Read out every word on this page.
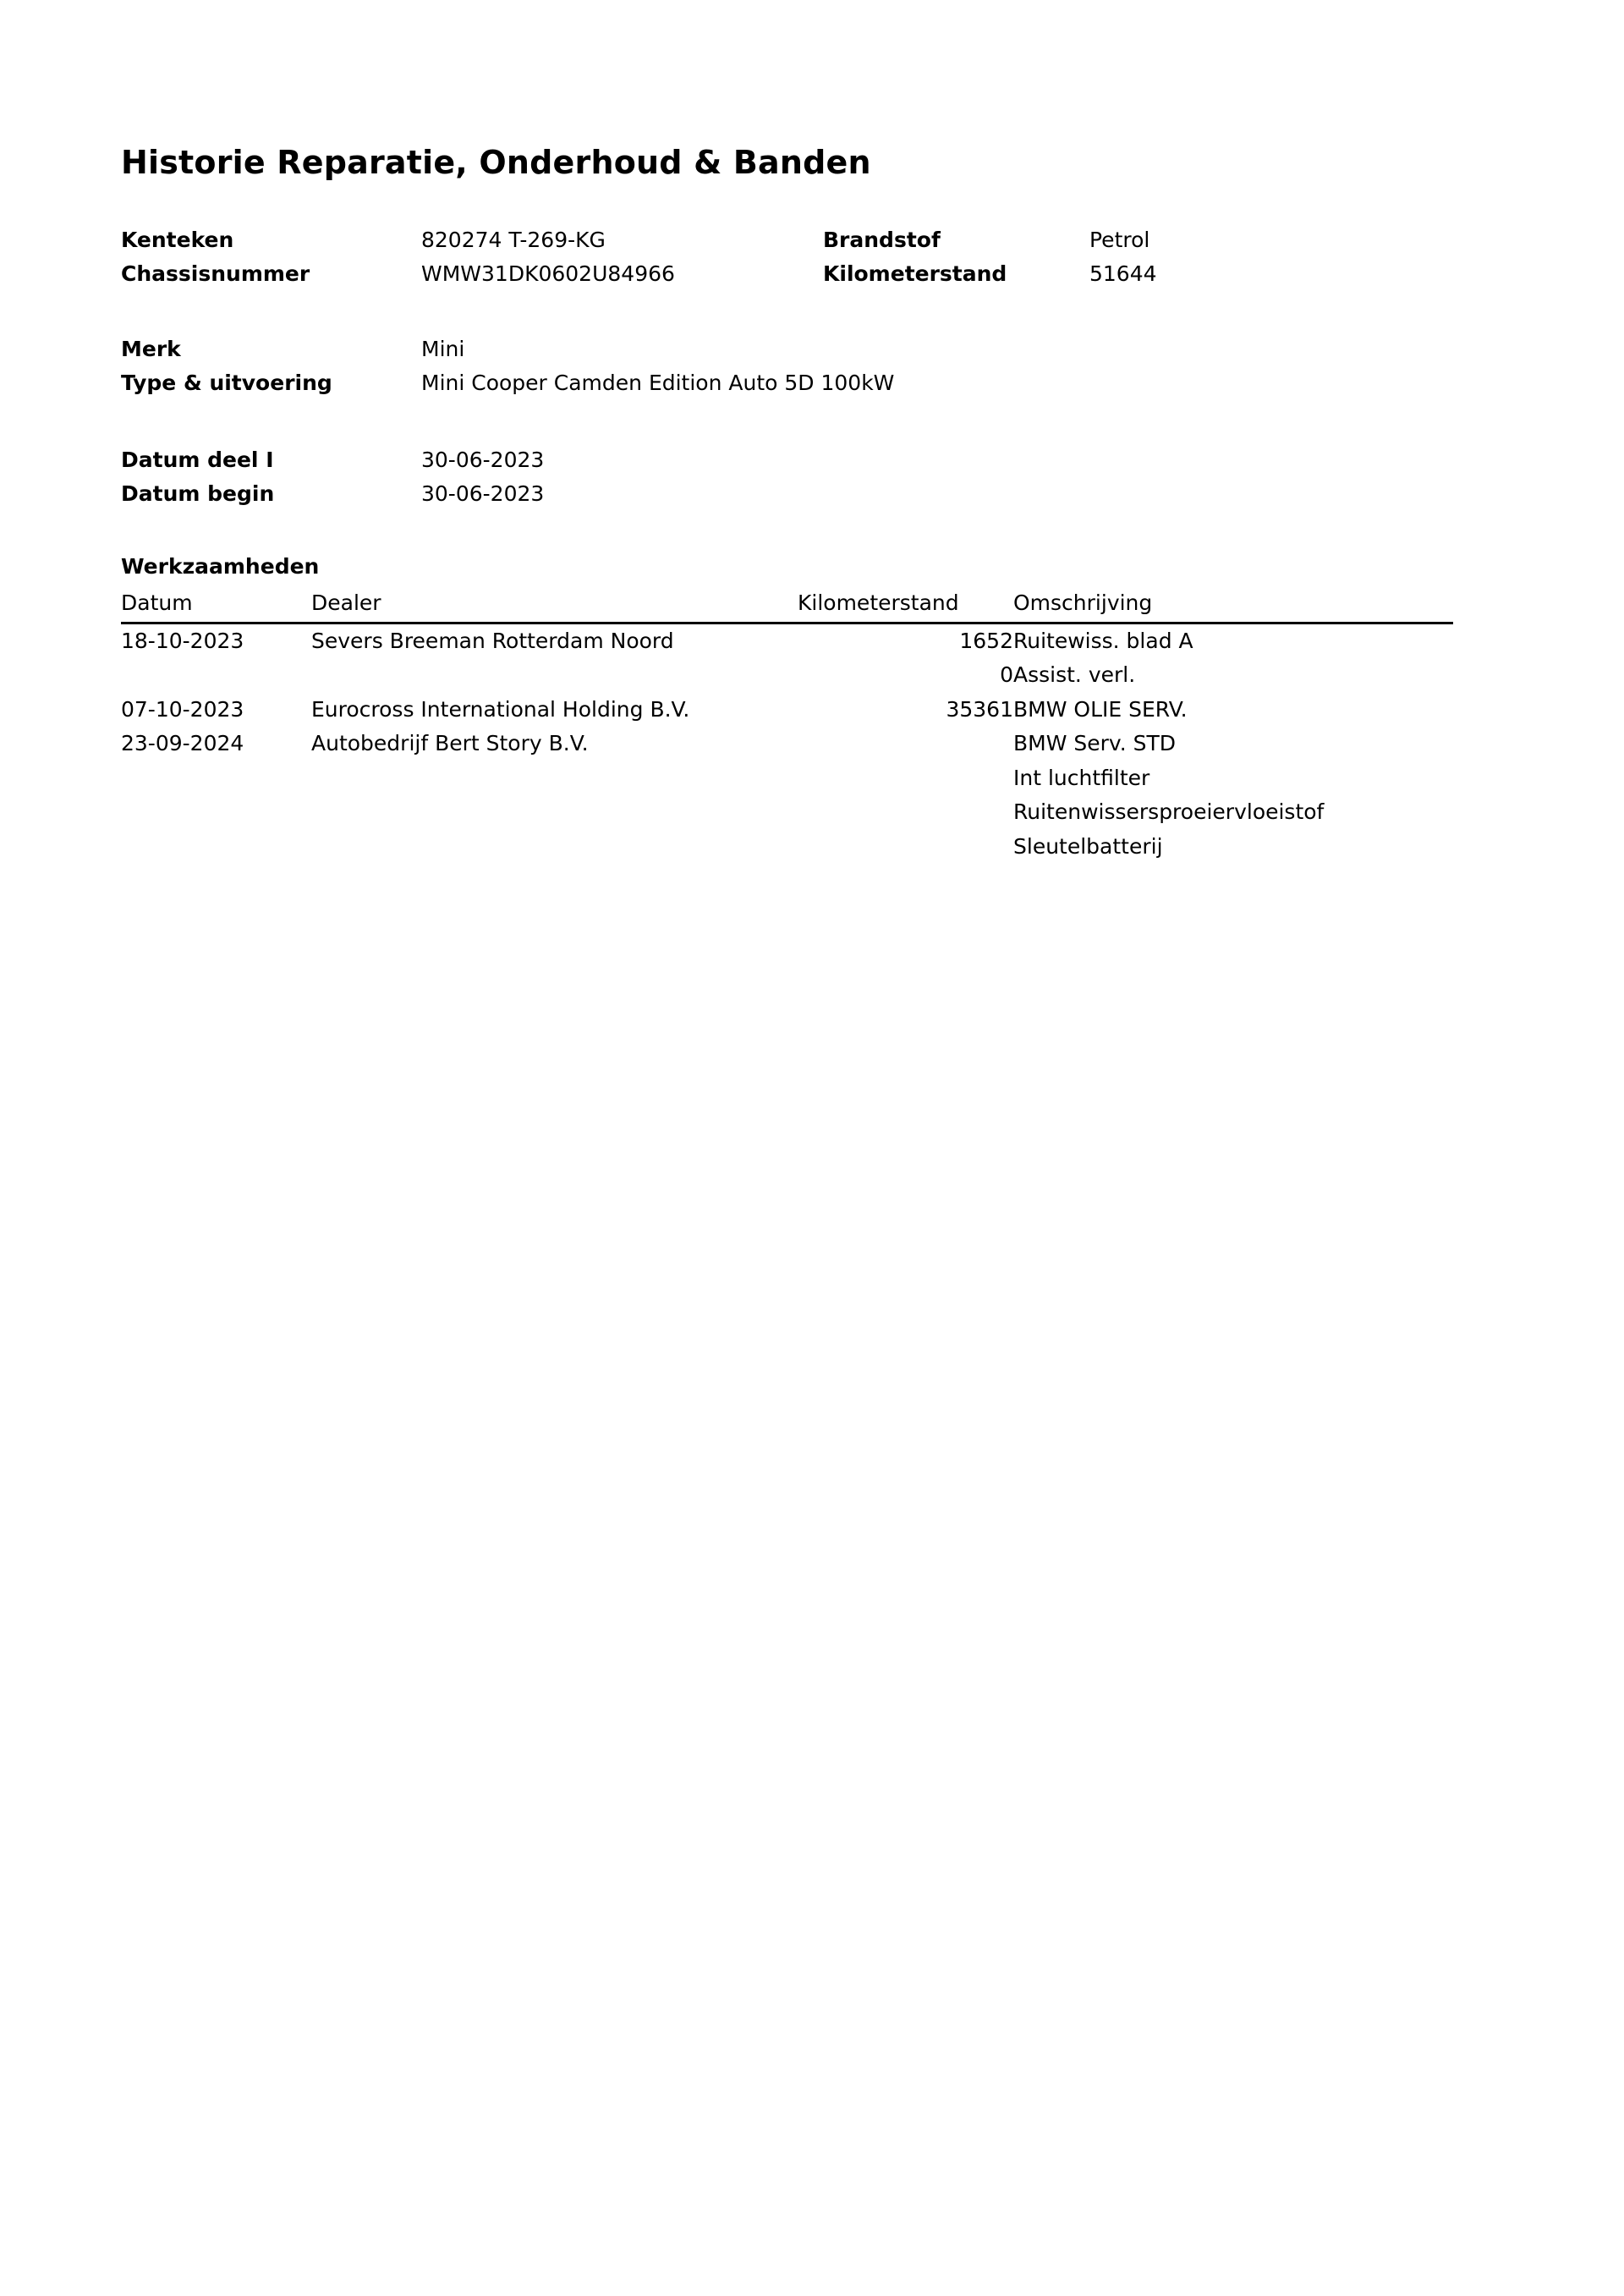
Historie Reparatie, Onderhoud & Banden
Kenteken	820274 T-269-KG	Brandstof	Petrol
Chassisnummer	WMW31DK0602U84966	Kilometerstand	51644
Merk	Mini
Type & uitvoering	Mini Cooper Camden Edition Auto 5D 100kW
Datum deel I	30-06-2023
Datum begin	30-06-2023
Werkzaamheden
Datum	Dealer	Kilometerstand	Omschrijving
18-10-2023	Severs Breeman Rotterdam Noord	1652	Ruitewiss. blad A
		0	Assist. verl.
07-10-2023	Eurocross International Holding B.V.	35361	BMW OLIE SERV.
23-09-2024	Autobedrijf Bert Story B.V.		BMW Serv. STD
			Int luchtfilter
			Ruitenwissersproeiervloeistof
			Sleutelbatterij
